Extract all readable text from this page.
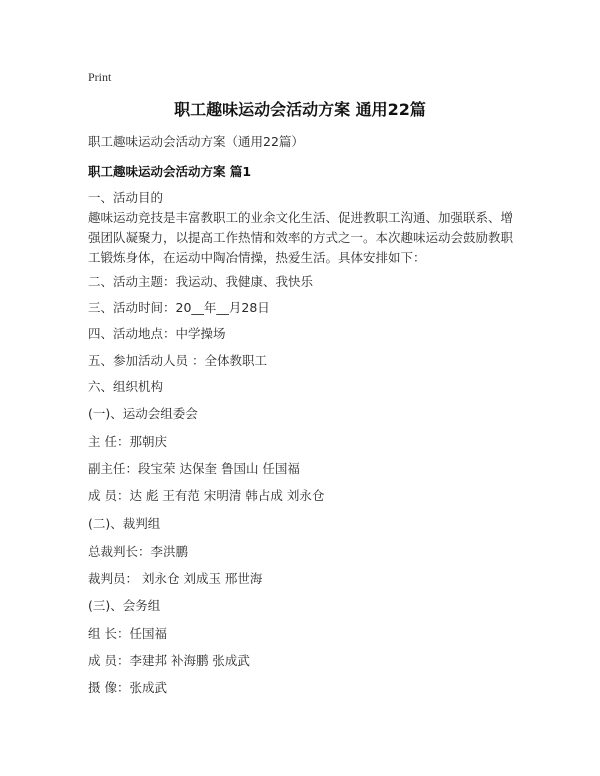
Print
职工趣味运动会活动方案 通用22篇
职工趣味运动会活动方案（通用22篇）
职工趣味运动会活动方案 篇1
一、活动目的
趣味运动竞技是丰富教职工的业余文化生活、促进教职工沟通、加强联系、增强团队凝聚力，以提高工作热情和效率的方式之一。本次趣味运动会鼓励教职工锻炼身体，在运动中陶冶情操，热爱生活。具体安排如下：
二、活动主题：我运动、我健康、我快乐
三、活动时间：20__年__月28日
四、活动地点：中学操场
五、参加活动人员 ：全体教职工
六、组织机构
(一)、运动会组委会
主 任：那朝庆
副主任：段宝荣 达保奎 鲁国山 任国福
成 员：达 彪 王有范 宋明清 韩占成 刘永仓
(二)、裁判组
总裁判长：李洪鹏
裁判员： 刘永仓 刘成玉 邢世海
(三)、会务组
组 长：任国福
成 员：李建邦 补海鹏 张成武
摄 像：张成武
